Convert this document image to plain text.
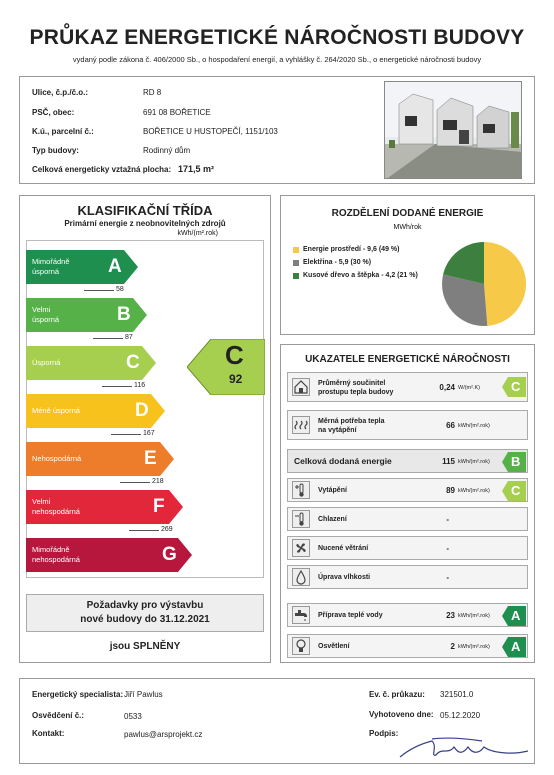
PRŮKAZ ENERGETICKÉ NÁROČNOSTI BUDOVY
vydaný podle zákona č. 406/2000 Sb., o hospodaření energií, a vyhlášky č. 264/2020 Sb., o energetické náročnosti budovy
Ulice, č.p./č.o.:	RD 8
PSČ, obec:	691 08 BOŘETICE
K.ú., parcelní č.:	BOŘETICE U HUSTOPEČÍ, 1151/103
Typ budovy:	Rodinný dům
Celková energeticky vztažná plocha: 171,5 m²
KLASIFIKAČNÍ TŘÍDA
Primární energie z neobnovitelných zdrojů
kWh/(m².rok)
Mimořádně
úsporná	A
58
Velmi
úsporná	B
87
Úsporná	C
116
Méně úsporná	D
167
Nehospodárná	E
218
Velmi
nehospodárná	F
269
Mimořádně
nehospodárná	G
C
92
Požadavky pro výstavbu
nové budovy do 31.12.2021
jsou SPLNĚNY
ROZDĚLENÍ DODANÉ ENERGIE
MWh/rok
Energie prostředí - 9,6 (49 %)
Elektřina - 5,9 (30 %)
Kusové dřevo a štěpka - 4,2 (21 %)
UKAZATELE ENERGETICKÉ NÁROČNOSTI
Průměrný součinitel
prostupu tepla budovy
0,24 W/(m².K) C
Měrná potřeba tepla
na vytápění
66 kWh/(m².rok)
Celková dodaná energie	115 kWh/(m².rok) B
Vytápění	89 kWh/(m².rok) C
Chlazení	-
Nucené větrání	-
Úprava vlhkosti	-
Příprava teplé vody	23 kWh/(m².rok) A
Osvětlení	2 kWh/(m².rok) A
Energetický specialista: Jiří Pawlus
Osvědčení č.:	0533
Kontakt:	pawlus@arsprojekt.cz
Ev. č. průkazu: 321501.0
Vyhotoveno dne: 05.12.2020
Podpis:
